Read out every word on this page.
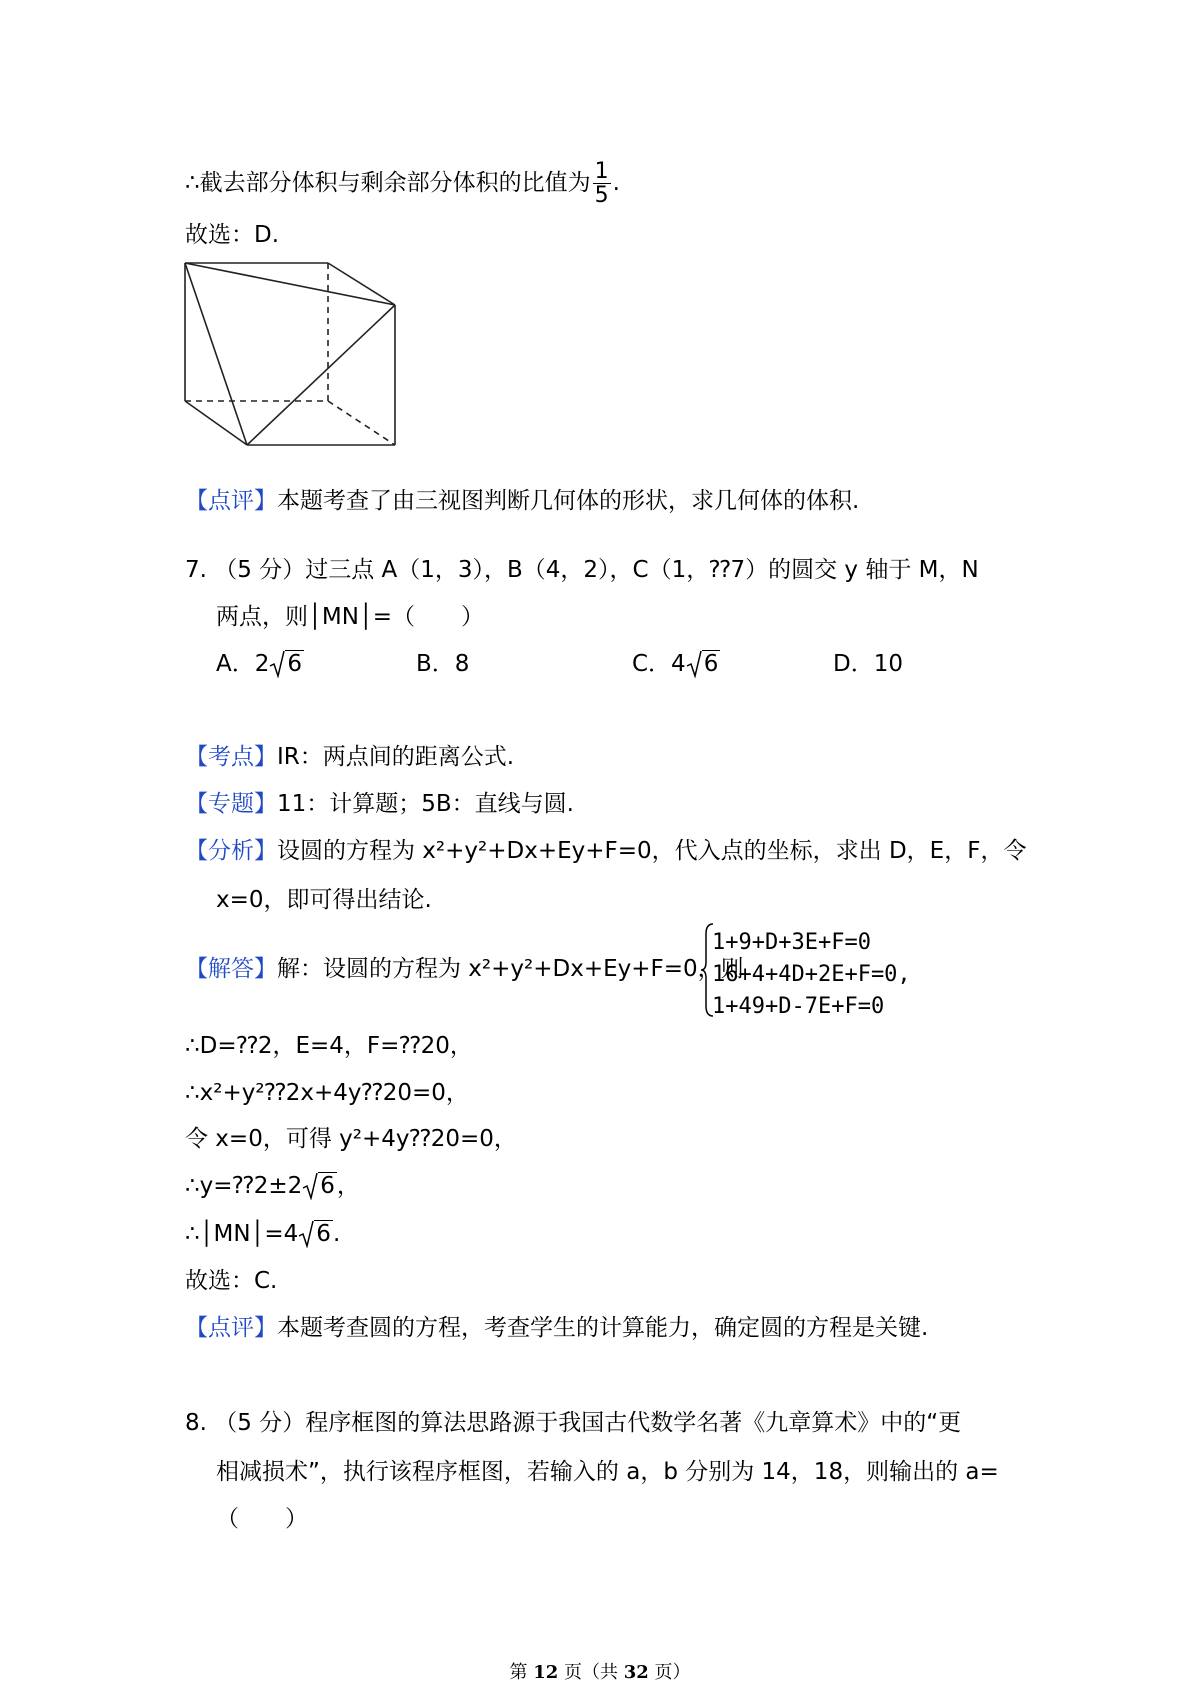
∴截去部分体积与剩余部分体积的比值为 $\frac{1}{5}$ .
故选：D.
【点评】本题考查了由三视图判断几何体的形状，求几何体的体积.
7. （5 分）过三点 A（1，3），B（4，2），C（1，⁇7）的圆交 y 轴于 M，N
两点，则│MN│=（　　）
A．2 6	B．8	C．4 6	D．10
【考点】IR：两点间的距离公式.
【专题】11：计算题；5B：直线与圆.
【分析】设圆的方程为 x²+y²+Dx+Ey+F=0，代入点的坐标，求出 D，E，F，令
x=0，即可得出结论.
【解答】解：设圆的方程为 x²+y²+Dx+Ey+F=0，则
1+9+D+3E+F=0
16+4+4D+2E+F=0,
1+49+D-7E+F=0
∴D=⁇2，E=4，F=⁇20，
∴x²+y²⁇2x+4y⁇20=0，
令 x=0，可得 y²+4y⁇20=0，
∴y=⁇2±2 6，
∴│MN│=4 6.
故选：C.
【点评】本题考查圆的方程，考查学生的计算能力，确定圆的方程是关键.
8. （5 分）程序框图的算法思路源于我国古代数学名著《九章算术》中的“更
相减损术”，执行该程序框图，若输入的 a，b 分别为 14，18，则输出的 a=
（　　）
第 12 页（共 32 页）
